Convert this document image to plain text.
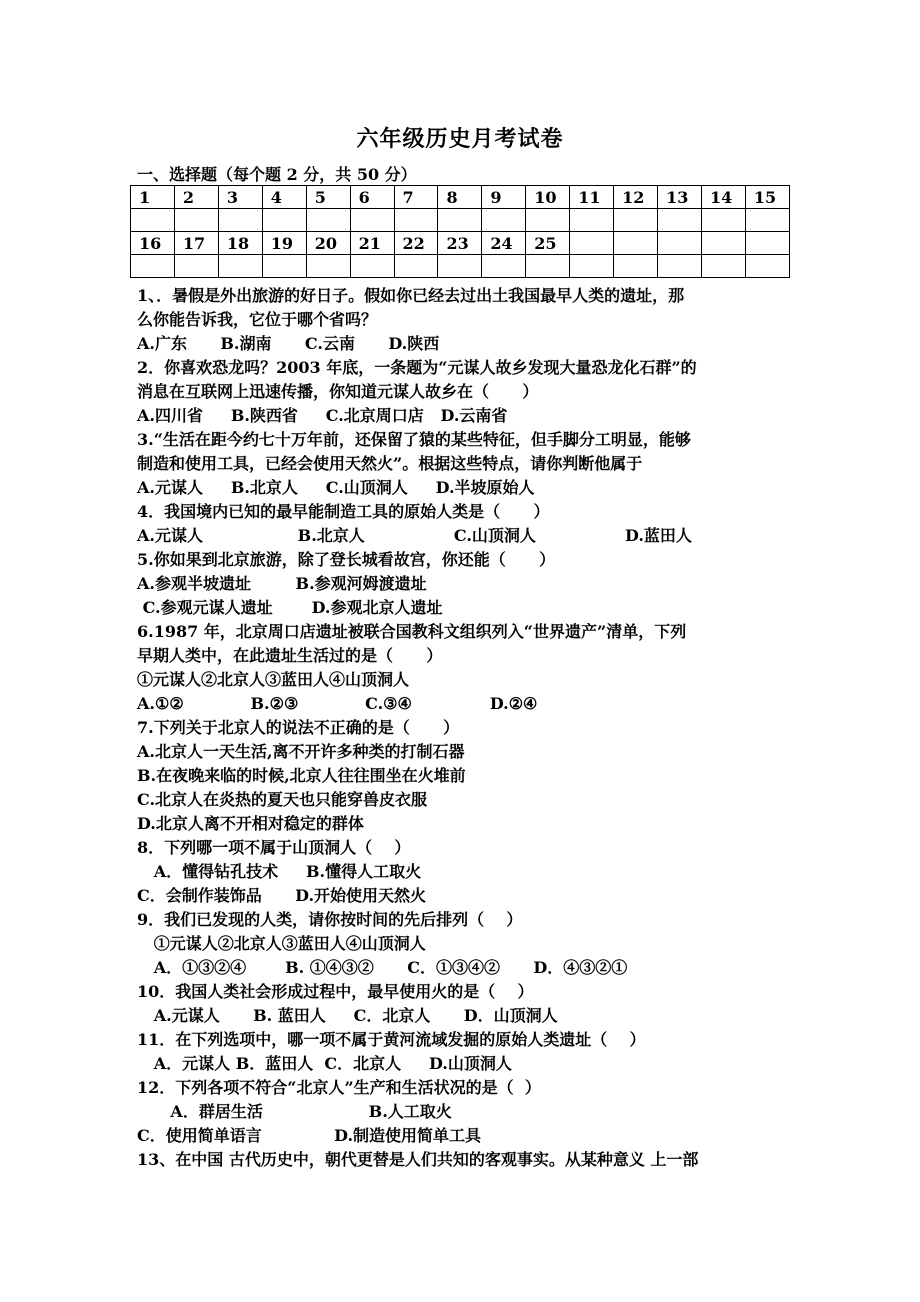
六年级历史月考试卷
一、选择题（每个题 2 分，共 50 分）
1	2	3	4	5	6	7	8	9	10	11	12	13	14	15

16	17	18	19	20	21	22	23	24	25					

1、．暑假是外出旅游的好日子。假如你已经去过出土我国最早人类的遗址，那
么你能告诉我，它位于哪个省吗？
A.广东      B.湖南      C.云南      D.陕西
2．你喜欢恐龙吗？2003 年底，一条题为“元谋人故乡发现大量恐龙化石群”的
消息在互联网上迅速传播，你知道元谋人故乡在（      ）
A.四川省     B.陕西省     C.北京周口店   D.云南省
3.“生活在距今约七十万年前，还保留了猿的某些特征，但手脚分工明显，能够
制造和使用工具，已经会使用天然火”。根据这些特点，请你判断他属于
A.元谋人     B.北京人     C.山顶洞人     D.半坡原始人
4．我国境内已知的最早能制造工具的原始人类是（      ）
A.元谋人                 B.北京人                C.山顶洞人                D.蓝田人
5.你如果到北京旅游，除了登长城看故宫，你还能（      ）
A.参观半坡遗址        B.参观河姆渡遗址
C.参观元谋人遗址       D.参观北京人遗址
6.1987 年，北京周口店遗址被联合国教科文组织列入“世界遗产”清单，下列
早期人类中，在此遗址生活过的是（      ）
①元谋人②北京人③蓝田人④山顶洞人
A.①②            B.②③            C.③④              D.②④
7.下列关于北京人的说法不正确的是（      ）
A.北京人一天生活,离不开许多种类的打制石器
B.在夜晚来临的时候,北京人往往围坐在火堆前
C.北京人在炎热的夏天也只能穿兽皮衣服
D.北京人离不开相对稳定的群体
8．下列哪一项不属于山顶洞人（    ）
A．懂得钻孔技术     B.懂得人工取火
C．会制作装饰品      D.开始使用天然火
9．我们已发现的人类，请你按时间的先后排列（    ）
①元谋人②北京人③蓝田人④山顶洞人
A．①③②④       B. ①④③②      C．①③④②      D．④③②①
10．我国人类社会形成过程中，最早使用火的是（    ）
A.元谋人      B. 蓝田人     C．北京人      D．山顶洞人
11．在下列选项中，哪一项不属于黄河流域发掘的原始人类遗址（    ）
A．元谋人 B．蓝田人  C．北京人     D.山顶洞人
12．下列各项不符合“北京人”生产和生活状况的是（  ）
A．群居生活                   B.人工取火
C．使用简单语言             D.制造使用简单工具
13、在中国 古代历史中，朝代更替是人们共知的客观事实。从某种意义 上一部
